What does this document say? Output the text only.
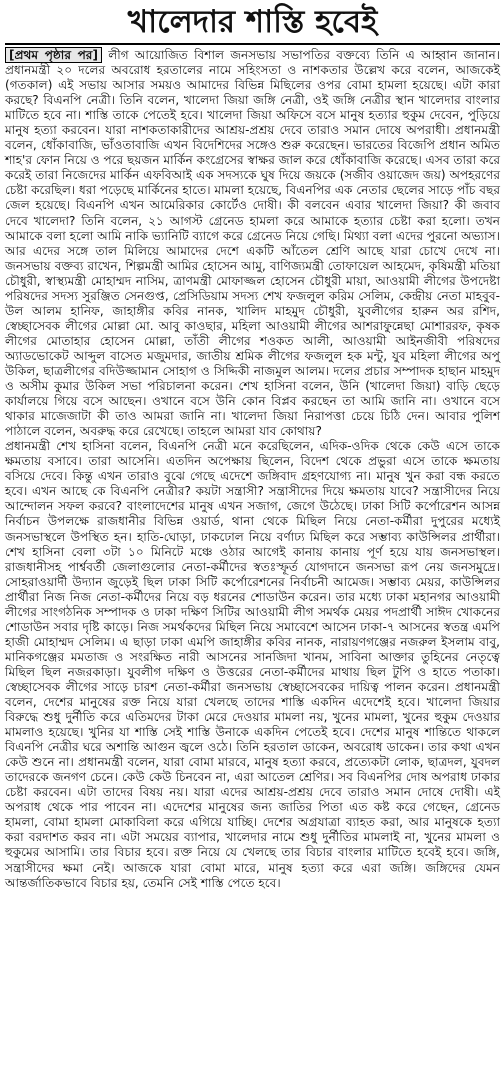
খালেদার শাস্তি হবেই

[প্রথম পৃষ্ঠার পর] লীগ আয়োজিত বিশাল জনসভায় সভাপতির বক্তব্যে তিনি এ আহ্বান জানান। প্রধানমন্ত্রী ২০ দলের অবরোধ হরতালের নামে সহিংসতা ও নাশকতার উল্লেখ করে বলেন, আজকেই (গতকাল) এই সভায় আসার সময়ও আমাদের বিভিন্ন মিছিলের ওপর বোমা হামলা হয়েছে। এটা কারা করছে? বিএনপি নেত্রী। তিনি বলেন, খালেদা জিয়া জঙ্গি নেত্রী, ওই জঙ্গি নেত্রীর স্থান খালেদার বাংলার মাটিতে হবে না। শাস্তি তাকে পেতেই হবে। খালেদা জিয়া অফিসে বসে মানুষ হত্যার হুকুম দেবেন, পুড়িয়ে মানুষ হত্যা করবেন। যারা নাশকতাকারীদের আশ্রয়-প্রশ্রয় দেবে তারাও সমান দোষে অপরাধী। প্রধানমন্ত্রী বলেন, ধোঁকাবাজি, ভাঁওতাবাজি এখন বিদেশিদের সঙ্গেও শুরু করেছেন। ভারতের বিজেপি প্রধান অমিত শাহ'র ফোন নিয়ে ও পরে ছয়জন মার্কিন কংগ্রেসের স্বাক্ষর জাল করে ধোঁকাবাজি করেছে। এসব তারা করে করেই তারা নিজেদের মার্কিন এফবিআই এক সদস্যকে ঘুষ দিয়ে জয়কে (সজীব ওয়াজেদ জয়) অপহরণের চেষ্টা করেছিল। ধরা পড়েছে মার্কিনের হাতে। মামলা হয়েছে, বিএনপির এক নেতার ছেলের সাড়ে পাঁচ বছর জেল হয়েছে। বিএনপি এখন আমেরিকার কোর্টেও দোষী। কী বলবেন এবার খালেদা জিয়া? কী জবাব দেবে খালেদা? তিনি বলেন, ২১ আগস্ট গ্রেনেড হামলা করে আমাকে হত্যার চেষ্টা করা হলো। তখন আমাকে বলা হলো আমি নাকি ভ্যানিটি ব্যাগে করে গ্রেনেড নিয়ে গেছি। মিথ্যা বলা এদের পুরনো অভ্যাস। আর এদের সঙ্গে তাল মিলিয়ে আমাদের দেশে একটি আঁতেল শ্রেণি আছে যারা চোখে দেখে না। জনসভায় বক্তব্য রাখেন, শিল্পমন্ত্রী আমির হোসেন আমু, বাণিজ্যমন্ত্রী তোফায়েল আহমেদ, কৃষিমন্ত্রী মতিয়া চৌধুরী, স্বাস্থ্যমন্ত্রী মোহাম্মদ নাসিম, ত্রাণমন্ত্রী মোফাজ্জল হোসেন চৌধুরী মায়া, আওয়ামী লীগের উপদেষ্টা পরিষদের সদস্য সুরঞ্জিত সেনগুপ্ত, প্রেসিডিয়াম সদস্য শেখ ফজলুল করিম সেলিম, কেন্দ্রীয় নেতা মাহবুব-উল আলম হানিফ, জাহাঙ্গীর কবির নানক, খালিদ মাহমুদ চৌধুরী, যুবলীগের হারুন অর রশিদ, স্বেচ্ছাসেবক লীগের মোল্লা মো. আবু কাওছার, মহিলা আওয়ামী লীগের আশরাফুন্নেছা মোশাররফ, কৃষক লীগের মোতাহার হোসেন মোল্লা, তাঁতী লীগের শওকত আলী, আওয়ামী আইনজীবী পরিষদের অ্যাডভোকেট আব্দুল বাসেত মজুমদার, জাতীয় শ্রমিক লীগের ফজলুল হক মন্টু, যুব মহিলা লীগের অপু উকিল, ছাত্রলীগের বদিউজ্জামান সোহাগ ও সিদ্দিকী নাজমুল আলম। দলের প্রচার সম্পাদক হাছান মাহমুদ ও অসীম কুমার উকিল সভা পরিচালনা করেন। শেখ হাসিনা বলেন, উনি (খালেদা জিয়া) বাড়ি ছেড়ে কার্যালয়ে গিয়ে বসে আছেন। ওখানে বসে উনি কোন বিপ্লব করছেন তা আমি জানি না। ওখানে বসে থাকার মাজেজাটা কী তাও আমরা জানি না। খালেদা জিয়া নিরাপত্তা চেয়ে চিঠি দেন। আবার পুলিশ পাঠালে বলেন, অবরুদ্ধ করে রেখেছে। তাহলে আমরা যাব কোথায়?
প্রধানমন্ত্রী শেখ হাসিনা বলেন, বিএনপি নেত্রী মনে করেছিলেন, এদিক-ওদিক থেকে কেউ এসে তাকে ক্ষমতায় বসাবে। তারা আসেনি। এতদিন অপেক্ষায় ছিলেন, বিদেশ থেকে প্রভুরা এসে তাকে ক্ষমতায় বসিয়ে দেবে। কিন্তু এখন তারাও বুঝে গেছে এদেশে জঙ্গিবাদ গ্রহণযোগ্য না। মানুষ খুন করা বন্ধ করতে হবে। এখন আছে কে বিএনপি নেত্রীর? কয়টা সন্ত্রাসী? সন্ত্রাসীদের দিয়ে ক্ষমতায় যাবে? সন্ত্রাসীদের নিয়ে আন্দোলন সফল করবে? বাংলাদেশের মানুষ এখন সজাগ, জেগে উঠেছে। ঢাকা সিটি কর্পোরেশন আসন্ন নির্বাচন উপলক্ষে রাজধানীর বিভিন্ন ওয়ার্ড, থানা থেকে মিছিল নিয়ে নেতা-কর্মীরা দুপুরের মধ্যেই জনসভাস্থলে উপস্থিত হন। হাতি-ঘোড়া, ঢাকঢোল নিয়ে বর্ণাঢ্য মিছিল করে সম্ভাব্য কাউন্সিলর প্রার্থীরা। শেখ হাসিনা বেলা ৩টা ১০ মিনিটে মঞ্চে ওঠার আগেই কানায় কানায় পূর্ণ হয়ে যায় জনসভাস্থল। রাজধানীসহ পার্শ্ববর্তী জেলাগুলোর নেতা-কর্মীদের স্বতঃস্ফূর্ত যোগদানে জনসভা রূপ নেয় জনসমুদ্রে। সোহরাওয়ার্দী উদ্যান জুড়েই ছিল ঢাকা সিটি কর্পোরেশনের নির্বাচনী আমেজ। সম্ভাব্য মেয়র, কাউন্সিলর প্রার্থীরা নিজ নিজ নেতা-কর্মীদের নিয়ে বড় ধরনের শোডাউন করেন। তার মধ্যে ঢাকা মহানগর আওয়ামী লীগের সাংগঠনিক সম্পাদক ও ঢাকা দক্ষিণ সিটির আওয়ামী লীগ সমর্থক মেয়র পদপ্রার্থী সাঈদ খোকনের শোডাউন সবার দৃষ্টি কাড়ে। নিজ সমর্থকদের মিছিল নিয়ে সমাবেশে আসেন ঢাকা-৭ আসনের স্বতন্ত্র এমপি হাজী মোহাম্মদ সেলিম। এ ছাড়া ঢাকা এমপি জাহাঙ্গীর কবির নানক, নারায়ণগঞ্জের নজরুল ইসলাম বাবু, মানিকগঞ্জের মমতাজ ও সংরক্ষিত নারী আসনের সানজিদা খানম, সাবিনা আক্তার তুহিনের নেতৃত্বে মিছিল ছিল নজরকাড়া। যুবলীগ দক্ষিণ ও উত্তরের নেতা-কর্মীদের মাথায় ছিল টুপি ও হাতে পতাকা। স্বেচ্ছাসেবক লীগের সাড়ে চারশ নেতা-কর্মীরা জনসভায় স্বেচ্ছাসেবকের দায়িত্ব পালন করেন। প্রধানমন্ত্রী বলেন, দেশের মানুষের রক্ত নিয়ে যারা খেলছে তাদের শাস্তি একদিন এদেশেই হবে। খালেদা জিয়ার বিরুদ্ধে শুধু দুর্নীতি করে এতিমদের টাকা মেরে দেওয়ার মামলা নয়, খুনের মামলা, খুনের হুকুম দেওয়ার মামলাও হয়েছে। খুনির যা শাস্তি সেই শাস্তি উনাকে একদিন পেতেই হবে। দেশের মানুষ শান্তিতে থাকলে বিএনপি নেত্রীর ঘরে অশান্তি আগুন জ্বলে ওঠে। তিনি হরতাল ডাকেন, অবরোধ ডাকেন। তার কথা এখন কেউ শুনে না। প্রধানমন্ত্রী বলেন, যারা বোমা মারবে, মানুষ হত্যা করবে, প্রত্যেকটা লোক, ছাত্রদল, যুবদল তাদেরকে জনগণ চেনে। কেউ কেউ চিনবেন না, এরা আতেল শ্রেণির। সব বিএনপির দোষ অপরাধ ঢাকার চেষ্টা করবেন। এটা তাদের বিষয় নয়। যারা এদের আশ্রয়-প্রশ্রয় দেবে তারাও সমান দোষে দোষী। এই অপরাধ থেকে পার পাবেন না। এদেশের মানুষের জন্য জাতির পিতা এত কষ্ট করে গেছেন, গ্রেনেড হামলা, বোমা হামলা মোকাবিলা করে এগিয়ে যাচ্ছি। দেশের অগ্রযাত্রা ব্যাহত করা, আর মানুষকে হত্যা করা বরদাশত করব না। এটা সময়ের ব্যাপার, খালেদার নামে শুধু দুর্নীতির মামলাই না, খুনের মামলা ও হুকুমের আসামি। তার বিচার হবে। রক্ত নিয়ে যে খেলছে তার বিচার বাংলার মাটিতে হবেই হবে। জঙ্গি, সন্ত্রাসীদের ক্ষমা নেই। আজকে যারা বোমা মারে, মানুষ হত্যা করে এরা জঙ্গি। জঙ্গিদের যেমন আন্তর্জাতিকভাবে বিচার হয়, তেমনি সেই শাস্তি পেতে হবে।
